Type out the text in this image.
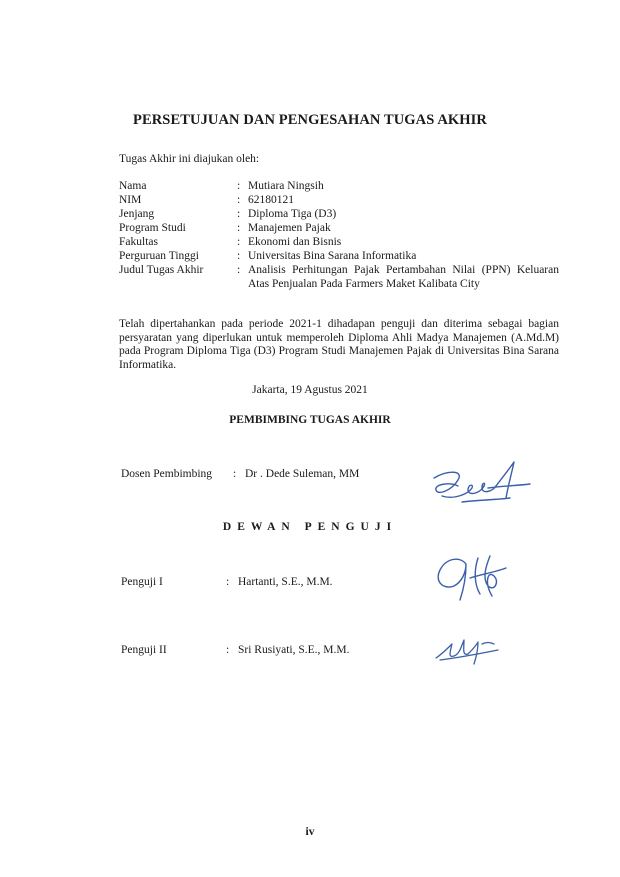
PERSETUJUAN DAN PENGESAHAN TUGAS AKHIR
Tugas Akhir ini diajukan oleh:
Nama	: Mutiara Ningsih
NIM	: 62180121
Jenjang	: Diploma Tiga (D3)
Program Studi	: Manajemen Pajak
Fakultas	: Ekonomi dan Bisnis
Perguruan Tinggi	: Universitas Bina Sarana Informatika
Judul Tugas Akhir	: Analisis Perhitungan Pajak Pertambahan Nilai (PPN) Keluaran Atas Penjualan Pada Farmers Maket Kalibata City
Telah dipertahankan pada periode 2021-1 dihadapan penguji dan diterima sebagai bagian persyaratan yang diperlukan untuk memperoleh Diploma Ahli Madya Manajemen (A.Md.M) pada Program Diploma Tiga (D3) Program Studi Manajemen Pajak di Universitas Bina Sarana Informatika.
Jakarta, 19 Agustus 2021
PEMBIMBING TUGAS AKHIR
Dosen Pembimbing	: Dr . Dede Suleman, MM
DEWAN PENGUJI
Penguji I	: Hartanti, S.E., M.M.
Penguji II	: Sri Rusiyati, S.E., M.M.
iv
